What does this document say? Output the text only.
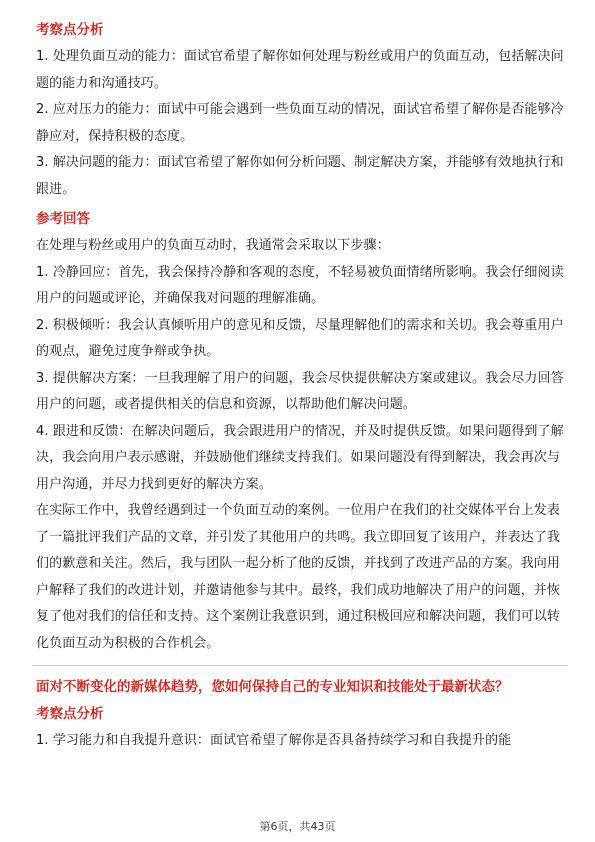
考察点分析

1. 处理负面互动的能力：面试官希望了解你如何处理与粉丝或用户的负面互动，包括解决问题的能力和沟通技巧。

2. 应对压力的能力：面试中可能会遇到一些负面互动的情况，面试官希望了解你是否能够冷静应对，保持积极的态度。

3. 解决问题的能力：面试官希望了解你如何分析问题、制定解决方案，并能够有效地执行和跟进。

参考回答

在处理与粉丝或用户的负面互动时，我通常会采取以下步骤：

1. 冷静回应：首先，我会保持冷静和客观的态度，不轻易被负面情绪所影响。我会仔细阅读用户的问题或评论，并确保我对问题的理解准确。

2. 积极倾听：我会认真倾听用户的意见和反馈，尽量理解他们的需求和关切。我会尊重用户的观点，避免过度争辩或争执。

3. 提供解决方案：一旦我理解了用户的问题，我会尽快提供解决方案或建议。我会尽力回答用户的问题，或者提供相关的信息和资源，以帮助他们解决问题。

4. 跟进和反馈：在解决问题后，我会跟进用户的情况，并及时提供反馈。如果问题得到了解决，我会向用户表示感谢，并鼓励他们继续支持我们。如果问题没有得到解决，我会再次与用户沟通，并尽力找到更好的解决方案。

在实际工作中，我曾经遇到过一个负面互动的案例。一位用户在我们的社交媒体平台上发表了一篇批评我们产品的文章，并引发了其他用户的共鸣。我立即回复了该用户，并表达了我们的歉意和关注。然后，我与团队一起分析了他的反馈，并找到了改进产品的方案。我向用户解释了我们的改进计划，并邀请他参与其中。最终，我们成功地解决了用户的问题，并恢复了他对我们的信任和支持。这个案例让我意识到，通过积极回应和解决问题，我们可以转化负面互动为积极的合作机会。

面对不断变化的新媒体趋势，您如何保持自己的专业知识和技能处于最新状态？
考察点分析

1. 学习能力和自我提升意识：面试官希望了解你是否具备持续学习和自我提升的能

第6页，共43页
